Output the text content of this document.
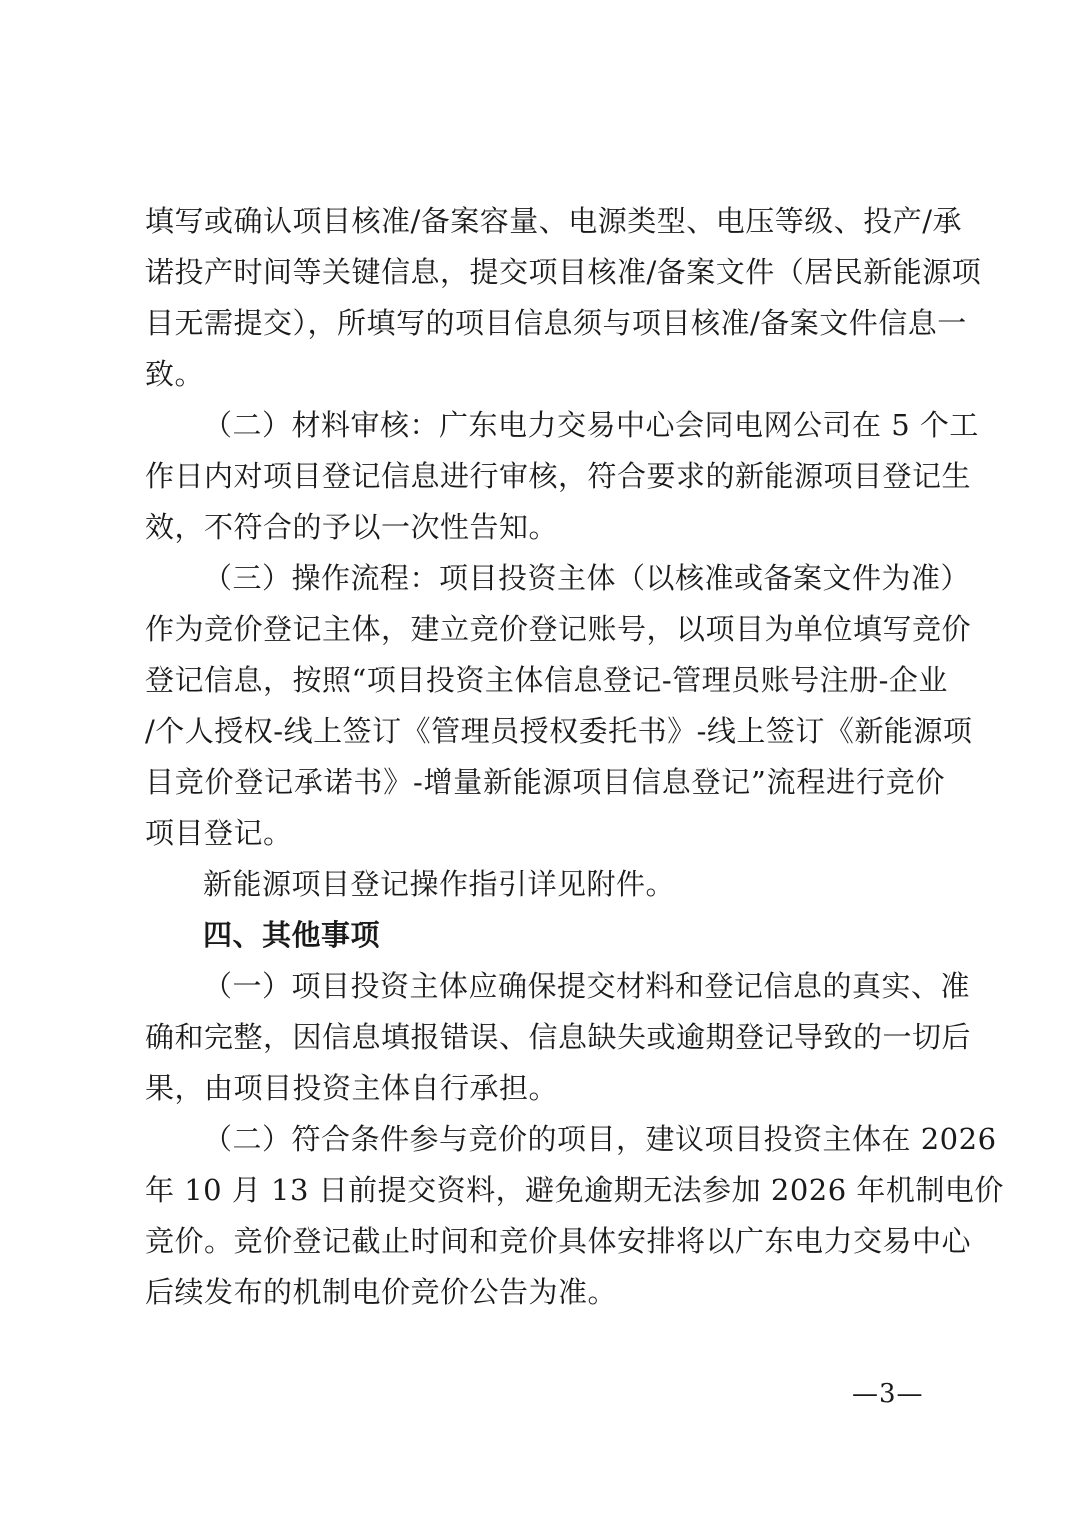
填写或确认项目核准/备案容量、电源类型、电压等级、投产/承
诺投产时间等关键信息，提交项目核准/备案文件（居民新能源项
目无需提交），所填写的项目信息须与项目核准/备案文件信息一
致。
（二）材料审核：广东电力交易中心会同电网公司在 5 个工
作日内对项目登记信息进行审核，符合要求的新能源项目登记生
效，不符合的予以一次性告知。
（三）操作流程：项目投资主体（以核准或备案文件为准）
作为竞价登记主体，建立竞价登记账号，以项目为单位填写竞价
登记信息，按照“项目投资主体信息登记-管理员账号注册-企业
/个人授权-线上签订《管理员授权委托书》-线上签订《新能源项
目竞价登记承诺书》-增量新能源项目信息登记”流程进行竞价
项目登记。
新能源项目登记操作指引详见附件。
四、其他事项
（一）项目投资主体应确保提交材料和登记信息的真实、准
确和完整，因信息填报错误、信息缺失或逾期登记导致的一切后
果，由项目投资主体自行承担。
（二）符合条件参与竞价的项目，建议项目投资主体在 2026
年 10 月 13 日前提交资料，避免逾期无法参加 2026 年机制电价
竞价。竞价登记截止时间和竞价具体安排将以广东电力交易中心
后续发布的机制电价竞价公告为准。
—3—
